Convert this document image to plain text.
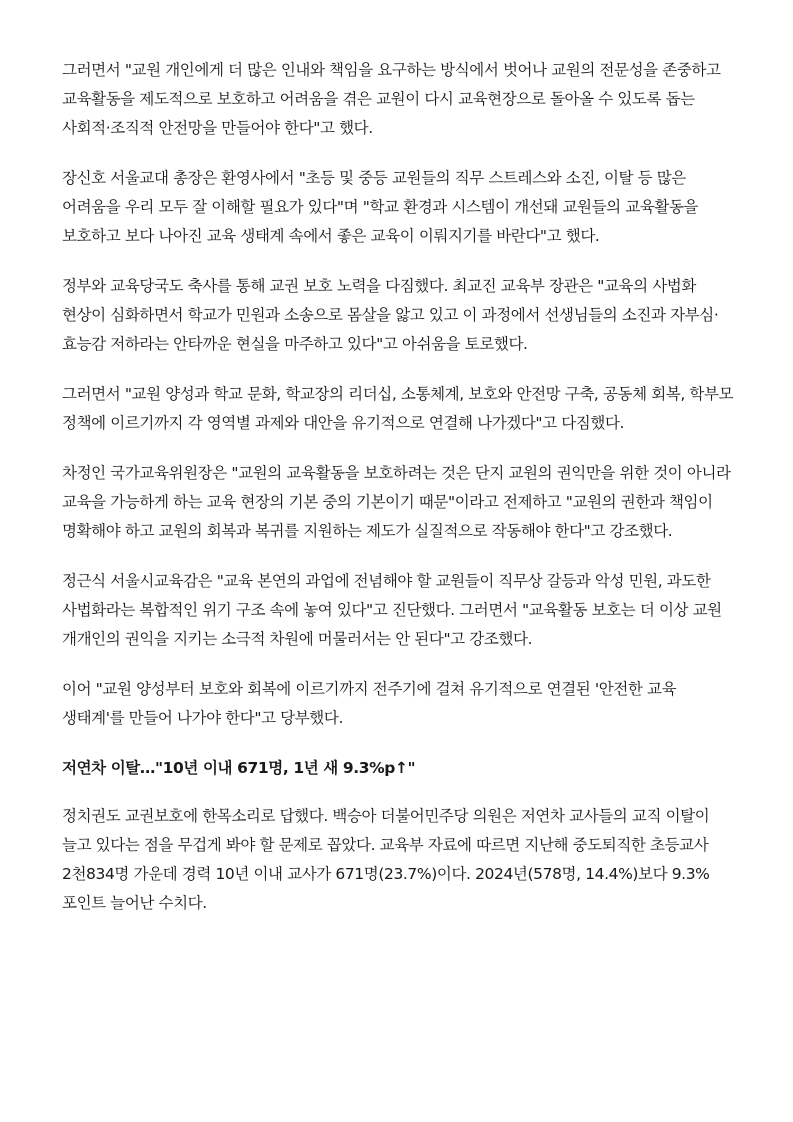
그러면서 "교원 개인에게 더 많은 인내와 책임을 요구하는 방식에서 벗어나 교원의 전문성을 존중하고 교육활동을 제도적으로 보호하고 어려움을 겪은 교원이 다시 교육현장으로 돌아올 수 있도록 돕는 사회적·조직적 안전망을 만들어야 한다"고 했다.

장신호 서울교대 총장은 환영사에서 "초등 및 중등 교원들의 직무 스트레스와 소진, 이탈 등 많은 어려움을 우리 모두 잘 이해할 필요가 있다"며 "학교 환경과 시스템이 개선돼 교원들의 교육활동을 보호하고 보다 나아진 교육 생태계 속에서 좋은 교육이 이뤄지기를 바란다"고 했다.

정부와 교육당국도 축사를 통해 교권 보호 노력을 다짐했다. 최교진 교육부 장관은 "교육의 사법화 현상이 심화하면서 학교가 민원과 소송으로 몸살을 앓고 있고 이 과정에서 선생님들의 소진과 자부심·효능감 저하라는 안타까운 현실을 마주하고 있다"고 아쉬움을 토로했다.

그러면서 "교원 양성과 학교 문화, 학교장의 리더십, 소통체계, 보호와 안전망 구축, 공동체 회복, 학부모 정책에 이르기까지 각 영역별 과제와 대안을 유기적으로 연결해 나가겠다"고 다짐했다.

차정인 국가교육위원장은 "교원의 교육활동을 보호하려는 것은 단지 교원의 권익만을 위한 것이 아니라 교육을 가능하게 하는 교육 현장의 기본 중의 기본이기 때문"이라고 전제하고 "교원의 권한과 책임이 명확해야 하고 교원의 회복과 복귀를 지원하는 제도가 실질적으로 작동해야 한다"고 강조했다.

정근식 서울시교육감은 "교육 본연의 과업에 전념해야 할 교원들이 직무상 갈등과 악성 민원, 과도한 사법화라는 복합적인 위기 구조 속에 놓여 있다"고 진단했다. 그러면서 "교육활동 보호는 더 이상 교원 개개인의 권익을 지키는 소극적 차원에 머물러서는 안 된다"고 강조했다.

이어 "교원 양성부터 보호와 회복에 이르기까지 전주기에 걸쳐 유기적으로 연결된 '안전한 교육 생태계'를 만들어 나가야 한다"고 당부했다.

저연차 이탈…"10년 이내 671명, 1년 새 9.3%p↑"

정치권도 교권보호에 한목소리로 답했다. 백승아 더불어민주당 의원은 저연차 교사들의 교직 이탈이 늘고 있다는 점을 무겁게 봐야 할 문제로 꼽았다. 교육부 자료에 따르면 지난해 중도퇴직한 초등교사 2천834명 가운데 경력 10년 이내 교사가 671명(23.7%)이다. 2024년(578명, 14.4%)보다 9.3%포인트 늘어난 수치다.
